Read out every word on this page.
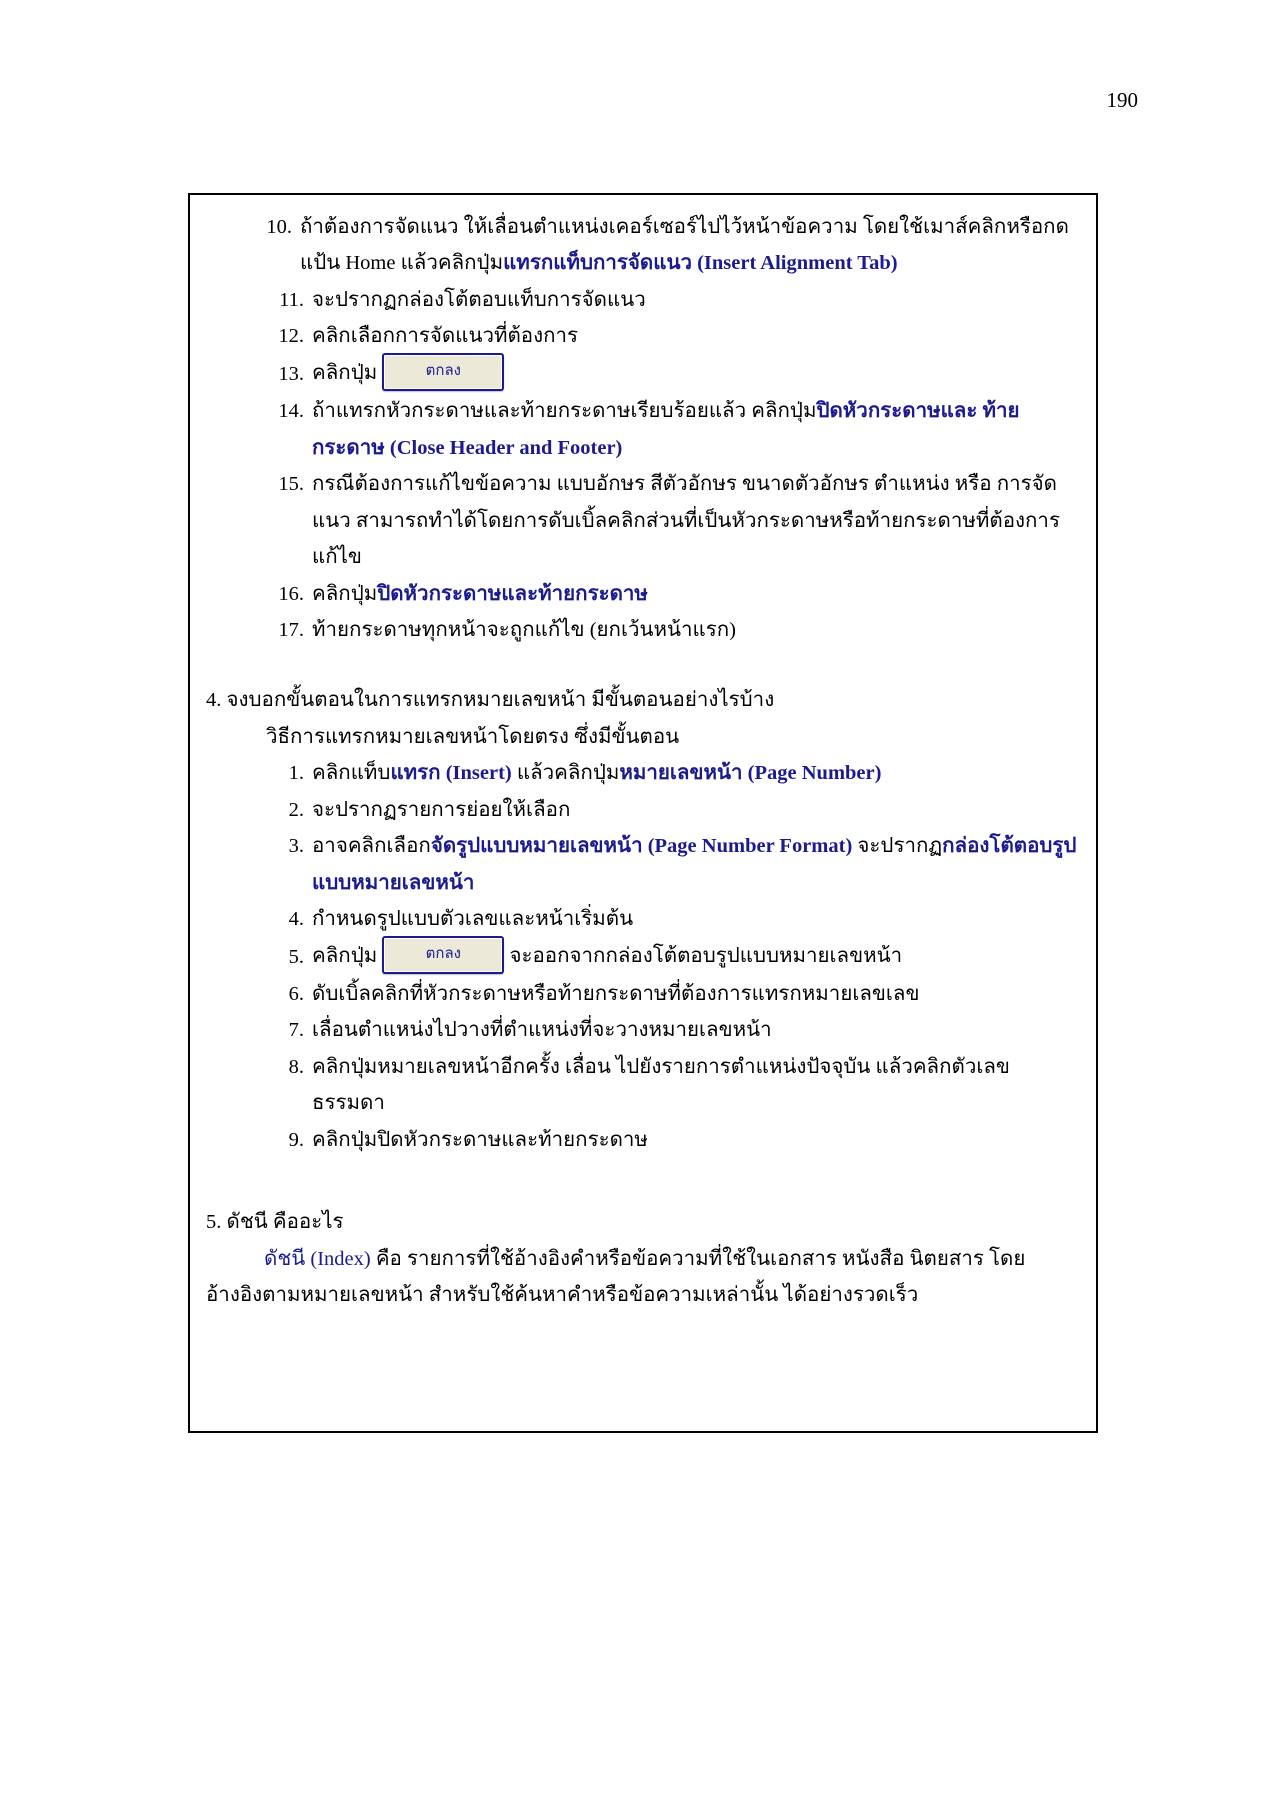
190
10. ถ้าต้องการจัดแนว ให้เลื่อนตำแหน่งเคอร์เซอร์ไปไว้หน้าข้อความ โดยใช้เมาส์คลิกหรือกดแป้น Home แล้วคลิกปุ่มแทรกแท็บการจัดแนว (Insert Alignment Tab)
11. จะปรากฏกล่องโต้ตอบแท็บการจัดแนว
12. คลิกเลือกการจัดแนวที่ต้องการ
13. คลิกปุ่ม	ตกลง
14. ถ้าแทรกหัวกระดาษและท้ายกระดาษเรียบร้อยแล้ว คลิกปุ่มปิดหัวกระดาษและ ท้ายกระดาษ (Close Header and Footer)
15. กรณีต้องการแก้ไขข้อความ แบบอักษร สีตัวอักษร ขนาดตัวอักษร ตำแหน่ง หรือ การจัดแนว สามารถทำได้โดยการดับเบิ้ลคลิกส่วนที่เป็นหัวกระดาษหรือท้ายกระดาษที่ต้องการแก้ไข
16. คลิกปุ่มปิดหัวกระดาษและท้ายกระดาษ
17. ท้ายกระดาษทุกหน้าจะถูกแก้ไข (ยกเว้นหน้าแรก)
4. จงบอกขั้นตอนในการแทรกหมายเลขหน้า มีขั้นตอนอย่างไรบ้าง
วิธีการแทรกหมายเลขหน้าโดยตรง ซึ่งมีขั้นตอน
1. คลิกแท็บแทรก (Insert) แล้วคลิกปุ่มหมายเลขหน้า (Page Number)
2. จะปรากฏรายการย่อยให้เลือก
3. อาจคลิกเลือกจัดรูปแบบหมายเลขหน้า (Page Number Format) จะปรากฏกล่องโต้ตอบรูปแบบหมายเลขหน้า
4. กำหนดรูปแบบตัวเลขและหน้าเริ่มต้น
5. คลิกปุ่ม	ตกลง จะออกจากกล่องโต้ตอบรูปแบบหมายเลขหน้า
6. ดับเบิ้ลคลิกที่หัวกระดาษหรือท้ายกระดาษที่ต้องการแทรกหมายเลขเลข
7. เลื่อนตำแหน่งไปวางที่ตำแหน่งที่จะวางหมายเลขหน้า
8. คลิกปุ่มหมายเลขหน้าอีกครั้ง เลื่อน ไปยังรายการตำแหน่งปัจจุบัน แล้วคลิกตัวเลขธรรมดา
9. คลิกปุ่มปิดหัวกระดาษและท้ายกระดาษ
5. ดัชนี คืออะไร
ดัชนี (Index) คือ รายการที่ใช้อ้างอิงคำหรือข้อความที่ใช้ในเอกสาร หนังสือ นิตยสาร โดยอ้างอิงตามหมายเลขหน้า สำหรับใช้ค้นหาคำหรือข้อความเหล่านั้น ได้อย่างรวดเร็ว
